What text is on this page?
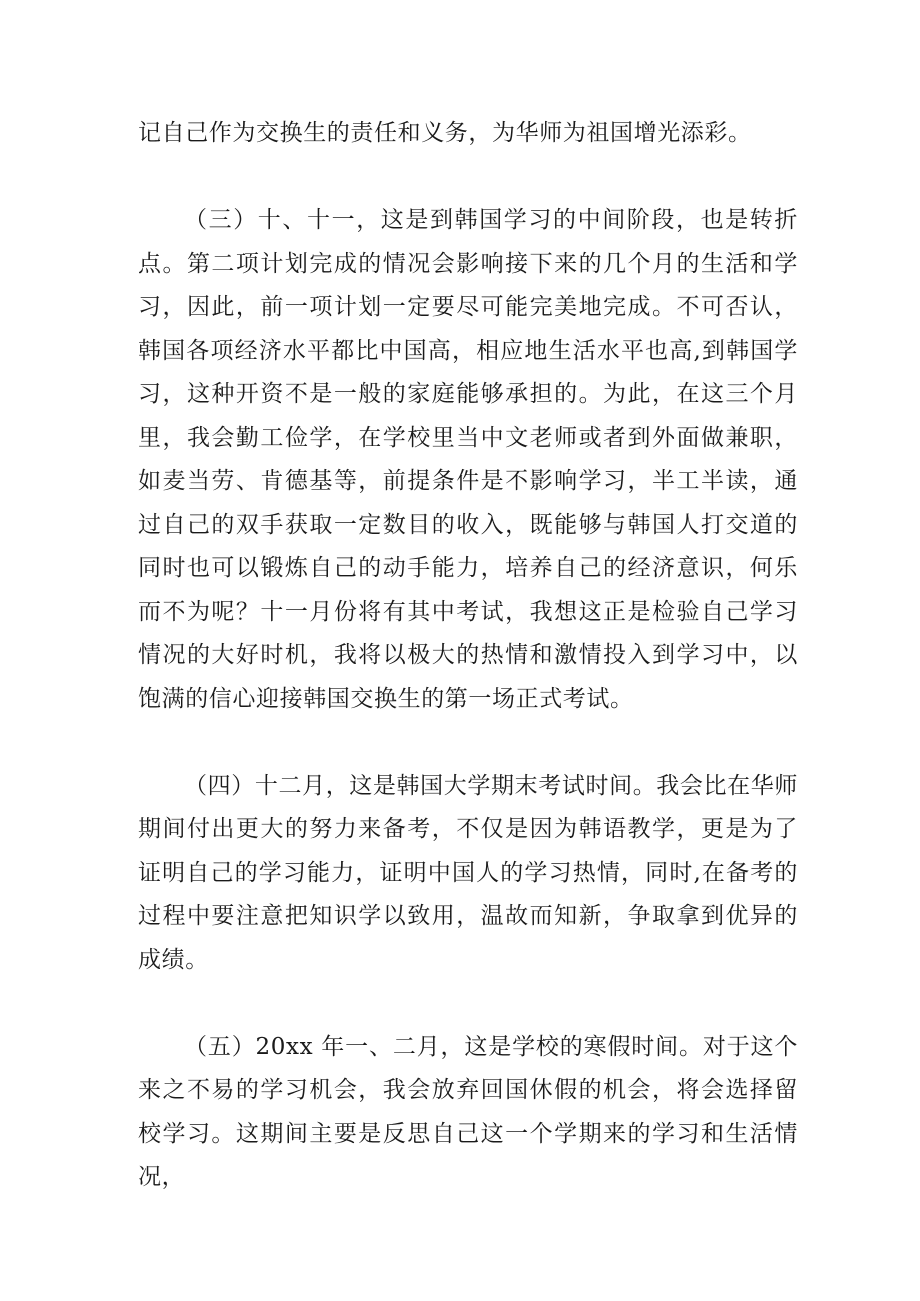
记自己作为交换生的责任和义务，为华师为祖国增光添彩。

（三）十、十一，这是到韩国学习的中间阶段，也是转折点。第二项计划完成的情况会影响接下来的几个月的生活和学习，因此，前一项计划一定要尽可能完美地完成。不可否认，韩国各项经济水平都比中国高，相应地生活水平也高,到韩国学习，这种开资不是一般的家庭能够承担的。为此，在这三个月里，我会勤工俭学，在学校里当中文老师或者到外面做兼职，如麦当劳、肯德基等，前提条件是不影响学习，半工半读，通过自己的双手获取一定数目的收入，既能够与韩国人打交道的同时也可以锻炼自己的动手能力，培养自己的经济意识，何乐而不为呢？十一月份将有其中考试，我想这正是检验自己学习情况的大好时机，我将以极大的热情和激情投入到学习中，以饱满的信心迎接韩国交换生的第一场正式考试。

（四）十二月，这是韩国大学期末考试时间。我会比在华师期间付出更大的努力来备考，不仅是因为韩语教学，更是为了证明自己的学习能力，证明中国人的学习热情，同时,在备考的过程中要注意把知识学以致用，温故而知新，争取拿到优异的成绩。

（五）20xx 年一、二月，这是学校的寒假时间。对于这个来之不易的学习机会，我会放弃回国休假的机会，将会选择留校学习。这期间主要是反思自己这一个学期来的学习和生活情况，
